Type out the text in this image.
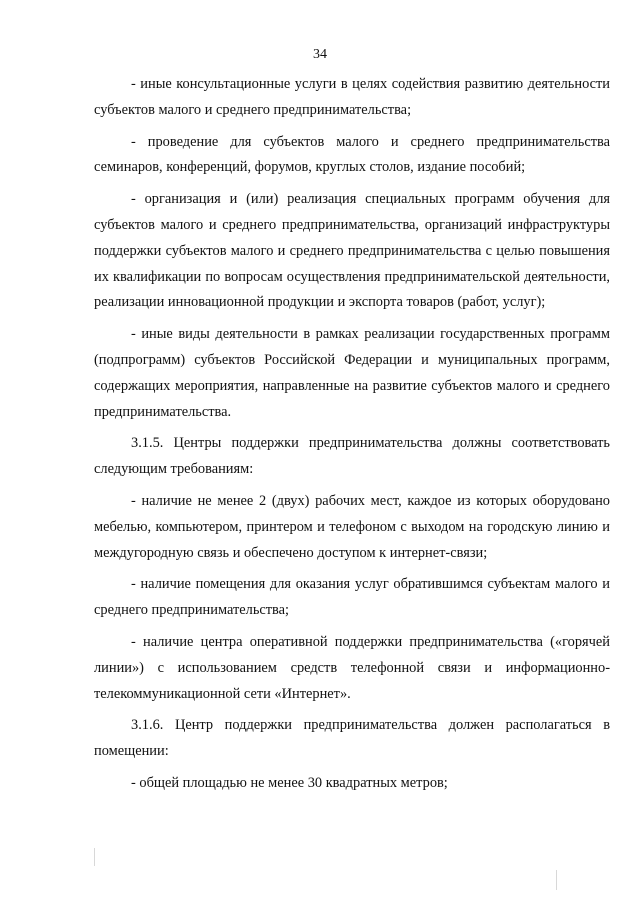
34

- иные консультационные услуги в целях содействия развитию деятельности субъектов малого и среднего предпринимательства;

- проведение для субъектов малого и среднего предпринимательства семинаров, конференций, форумов, круглых столов, издание пособий;

- организация и (или) реализация специальных программ обучения для субъектов малого и среднего предпринимательства, организаций инфраструктуры поддержки субъектов малого и среднего предпринимательства с целью повышения их квалификации по вопросам осуществления предпринимательской деятельности, реализации инновационной продукции и экспорта товаров (работ, услуг);

- иные виды деятельности в рамках реализации государственных программ (подпрограмм) субъектов Российской Федерации и муниципальных программ, содержащих мероприятия, направленные на развитие субъектов малого и среднего предпринимательства.

3.1.5. Центры поддержки предпринимательства должны соответствовать следующим требованиям:

- наличие не менее 2 (двух) рабочих мест, каждое из которых оборудовано мебелью, компьютером, принтером и телефоном с выходом на городскую линию и междугородную связь и обеспечено доступом к интернет-связи;

- наличие помещения для оказания услуг обратившимся субъектам малого и среднего предпринимательства;

- наличие центра оперативной поддержки предпринимательства («горячей линии») с использованием средств телефонной связи и информационно-телекоммуникационной сети «Интернет».

3.1.6. Центр поддержки предпринимательства должен располагаться в помещении:

- общей площадью не менее 30 квадратных метров;
